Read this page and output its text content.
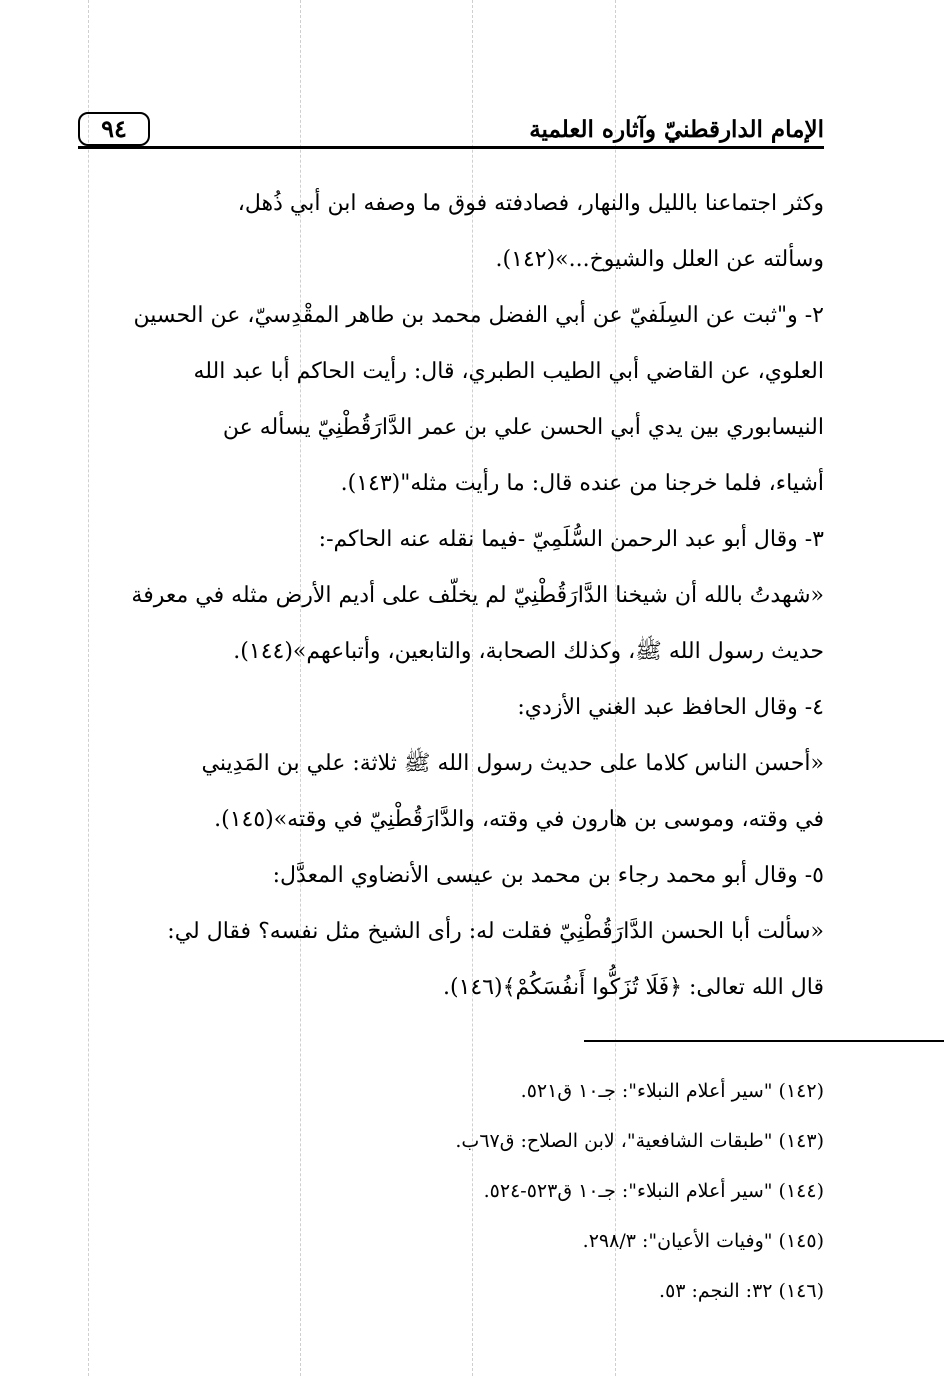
٩٤	الإمام الدارقطنيّ وآثاره العلمية
وكثر اجتماعنا بالليل والنهار، فصادفته فوق ما وصفه ابن أبي ذُهل،
وسألته عن العلل والشيوخ...»(١٤٢).
٢- و"ثبت عن السِلَفيّ عن أبي الفضل محمد بن طاهر المقْدِسيّ، عن الحسين
العلوي، عن القاضي أبي الطيب الطبري، قال: رأيت الحاكم أبا عبد الله
النيسابوري بين يدي أبي الحسن علي بن عمر الدَّارَقُطْنِيّ يسأله عن
أشياء، فلما خرجنا من عنده قال: ما رأيت مثله"(١٤٣).
٣- وقال أبو عبد الرحمن السُّلَمِيّ -فيما نقله عنه الحاكم-:
«شهدتُ بالله أن شيخنا الدَّارَقُطْنِيّ لم يخلّف على أديم الأرض مثله في معرفة
حديث رسول الله ﷺ، وكذلك الصحابة، والتابعين، وأتباعهم»(١٤٤).
٤- وقال الحافظ عبد الغني الأزدي:
«أحسن الناس كلاما على حديث رسول الله ﷺ ثلاثة: علي بن المَدِيني
في وقته، وموسى بن هارون في وقته، والدَّارَقُطْنِيّ في وقته»(١٤٥).
٥- وقال أبو محمد رجاء بن محمد بن عيسى الأنضاوي المعدَّل:
«سألت أبا الحسن الدَّارَقُطْنِيّ فقلت له: رأى الشيخ مثل نفسه؟ فقال لي:
قال الله تعالى: ﴿فَلَا تُزَكُّوا أَنفُسَكُمْ﴾(١٤٦).
(١٤٢) "سير أعلام النبلاء": جـ١٠ ق٥٢١.
(١٤٣) "طبقات الشافعية"، لابن الصلاح: ق٦٧ب.
(١٤٤) "سير أعلام النبلاء": جـ١٠ ق٥٢٣-٥٢٤.
(١٤٥) "وفيات الأعيان": ٢٩٨/٣.
(١٤٦) ٣٢: النجم: ٥٣.
